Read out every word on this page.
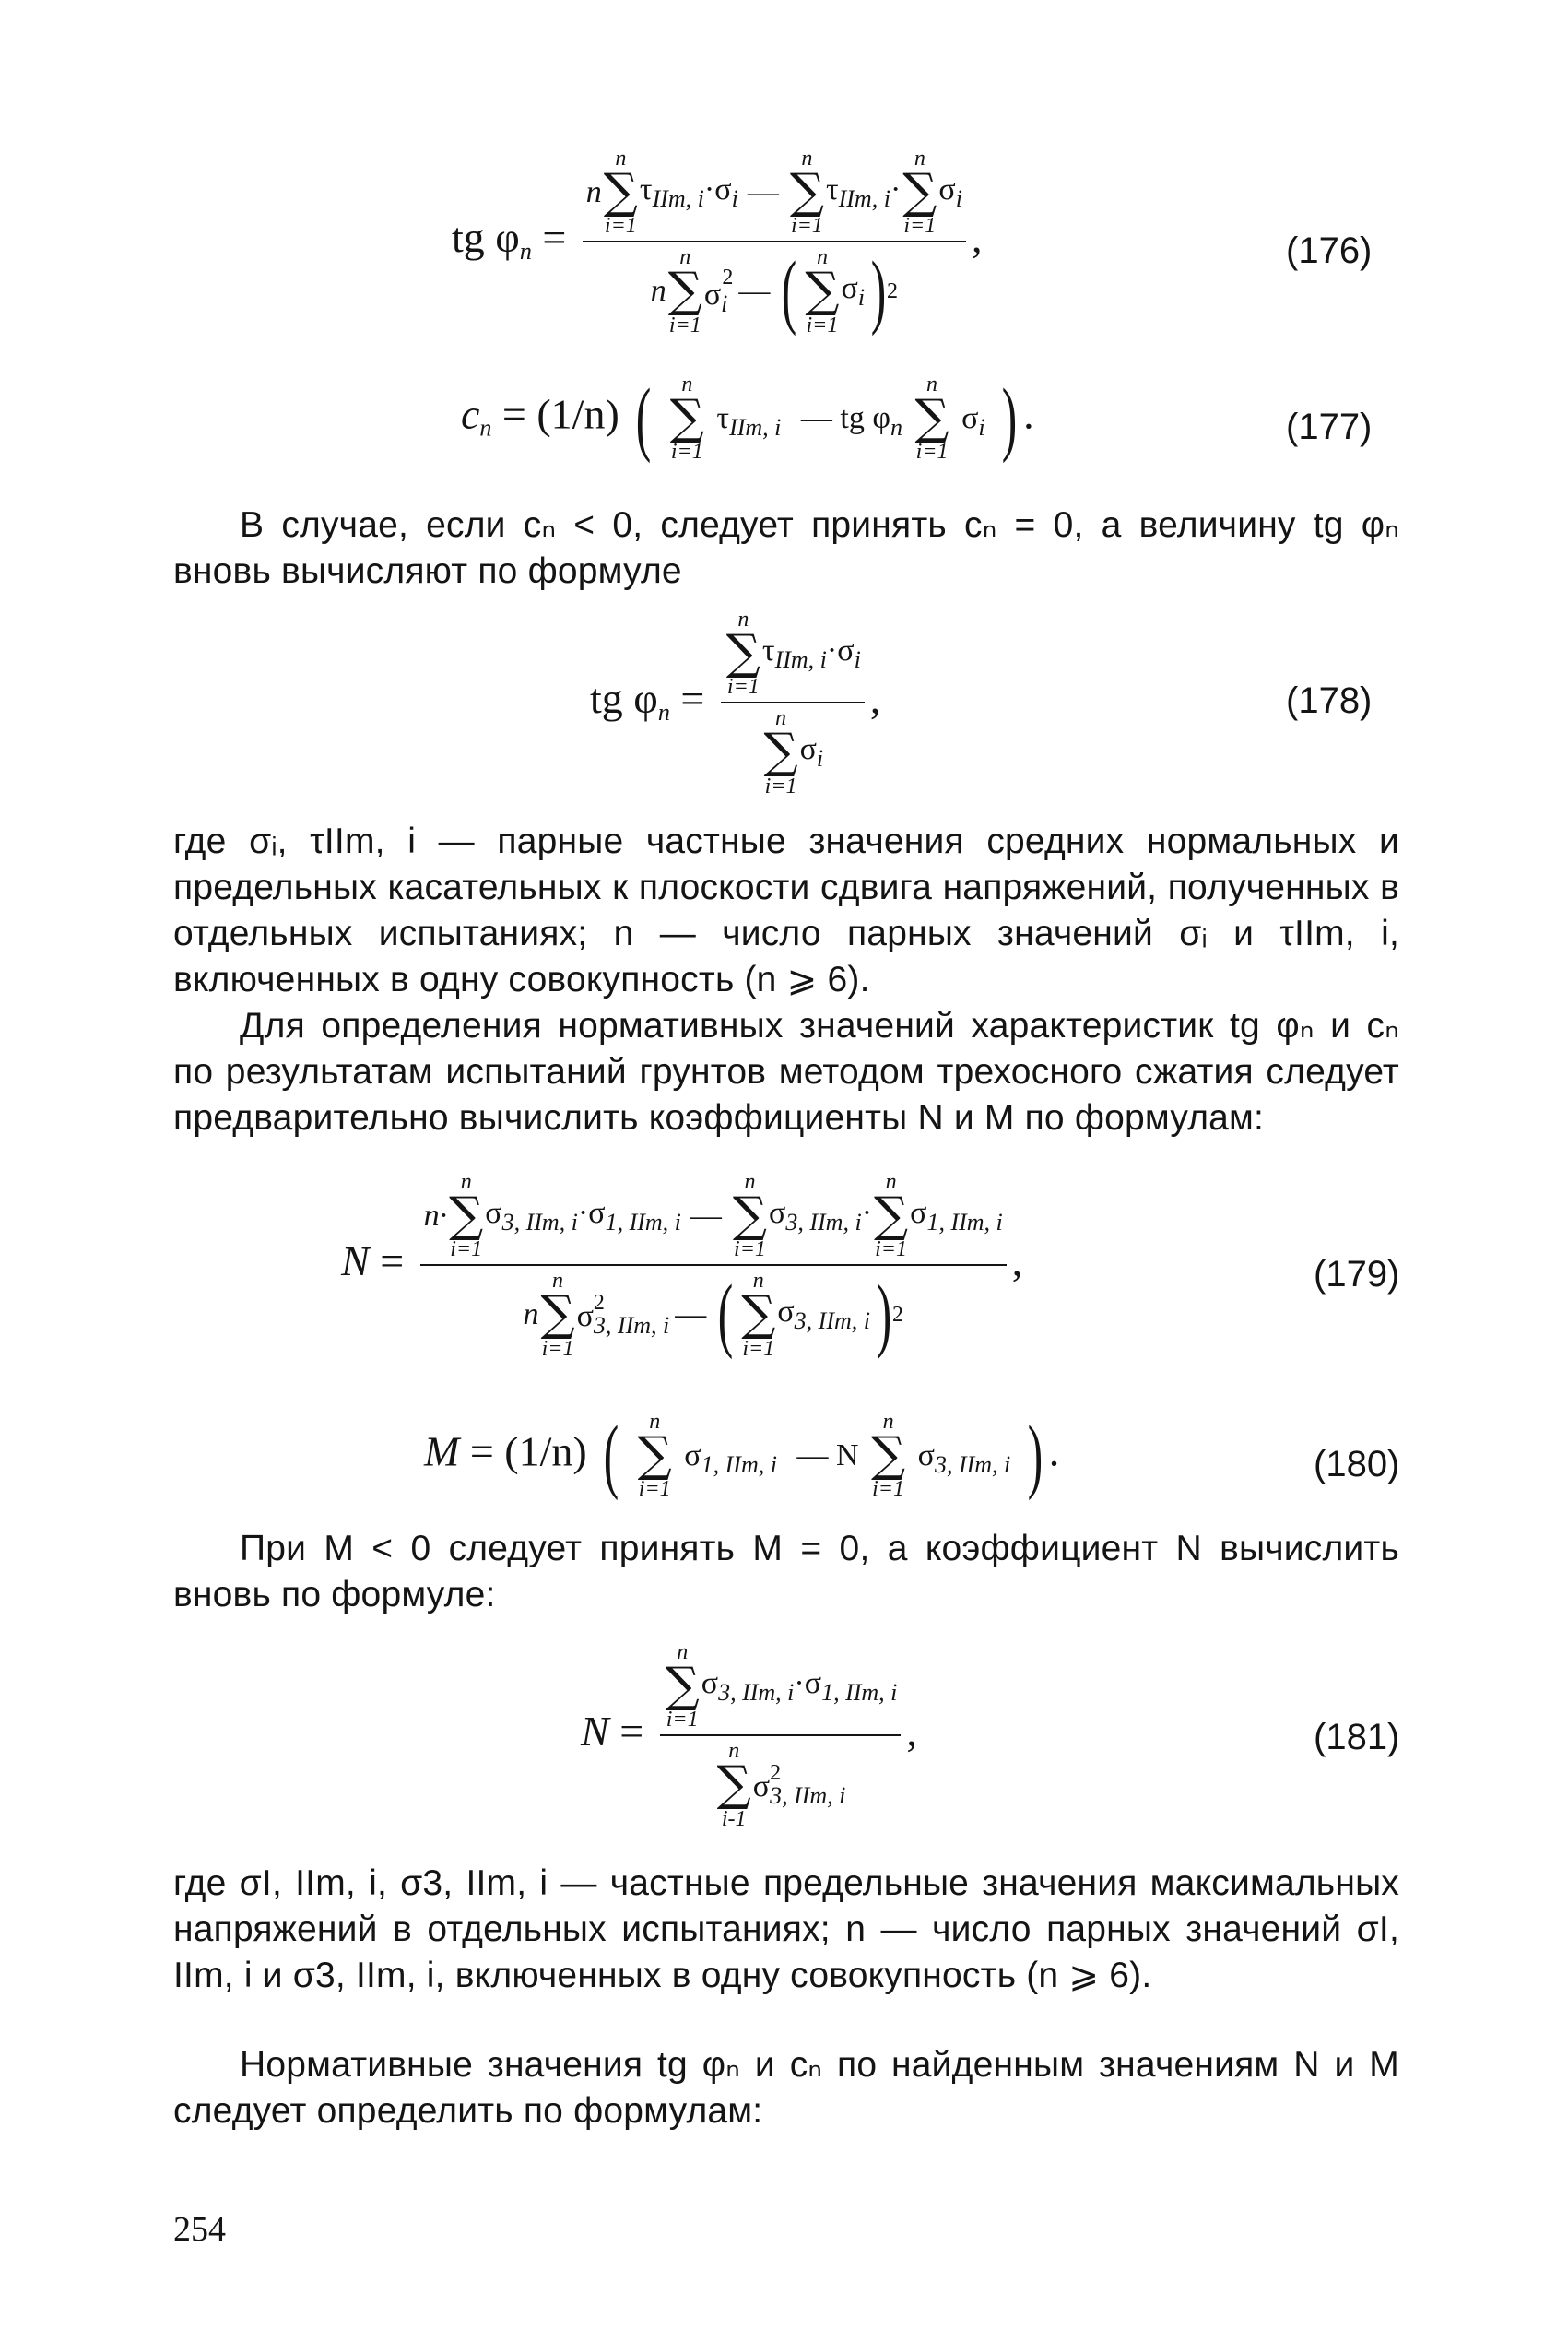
tg $\varphi_n$ =
n
n
∑
i=1
$\tau_{IIm, i}\cdot\sigma_i$ —
n
∑
i=1
$\tau_{IIm, i}\cdot$
n
∑
i=1
$\sigma_i$
n
n
∑
i=1
$\sigma_i^2$ — ( n
∑
i=1
$\sigma_i$ ) 2
,	(176)
$c_n = (1/n)$ ( n
∑
i=1
$\tau_{IIm, i}$ — tg $\varphi_n$
n
∑
i=1
$\sigma_i$ ) .	(177)
В случае, если cₙ < 0, следует принять cₙ = 0, а величину tg φₙ вновь вычисляют по формуле
tg $\varphi_n = n$
∑
i=1
$\tau_{IIm, i}\cdot\sigma_i$
n
∑
i=1
$\sigma_i$ ,	(178)
где σᵢ, τIIm, i — парные частные значения средних нормальных и предельных касательных к плоскости сдвига напряжений, полученных в отдельных испытаниях; n — число парных значений σᵢ и τIIm, i, включенных в одну совокупность (n ⩾ 6).
Для определения нормативных значений характеристик tg φₙ и cₙ по результатам испытаний грунтов методом трехосного сжатия следует предварительно вычислить коэффициенты N и M по формулам:
N =
n·
n
∑
i=1
$\sigma_{3, IIm, i}\cdot\sigma_{1, IIm, i}$ —
n
∑
i=1
$\sigma_{3, IIm, i}\cdot$
n
∑
i=1
$\sigma_{1, IIm, i}$
n
n
∑
i=1
$\sigma^2_{3, IIm, i}$ — ( n
∑
i=1
$\sigma_{3, IIm, i}$ ) 2
,	(179)
M = (1/n) ( n
∑
i=1
$\sigma_{1, IIm, i}$ — N
n
∑
i=1
$\sigma_{3, IIm, i}$ ) .	(180)
При M < 0 следует принять M = 0, а коэффициент N вычислить вновь по формуле:
N = n
∑
i=1
$\sigma_{3, IIm, i}\cdot\sigma_{1, IIm, i}$
n
∑
i-1
$\sigma^2_{3, IIm, i}$ ,	(181)
где σI, IIm, i, σ3, IIm, i — частные предельные значения максимальных напряжений в отдельных испытаниях; n — число парных значений σI, IIm, i и σ3, IIm, i, включенных в одну совокупность (n ⩾ 6).
Нормативные значения tg φₙ и cₙ по найденным значениям N и M следует определить по формулам:
254
